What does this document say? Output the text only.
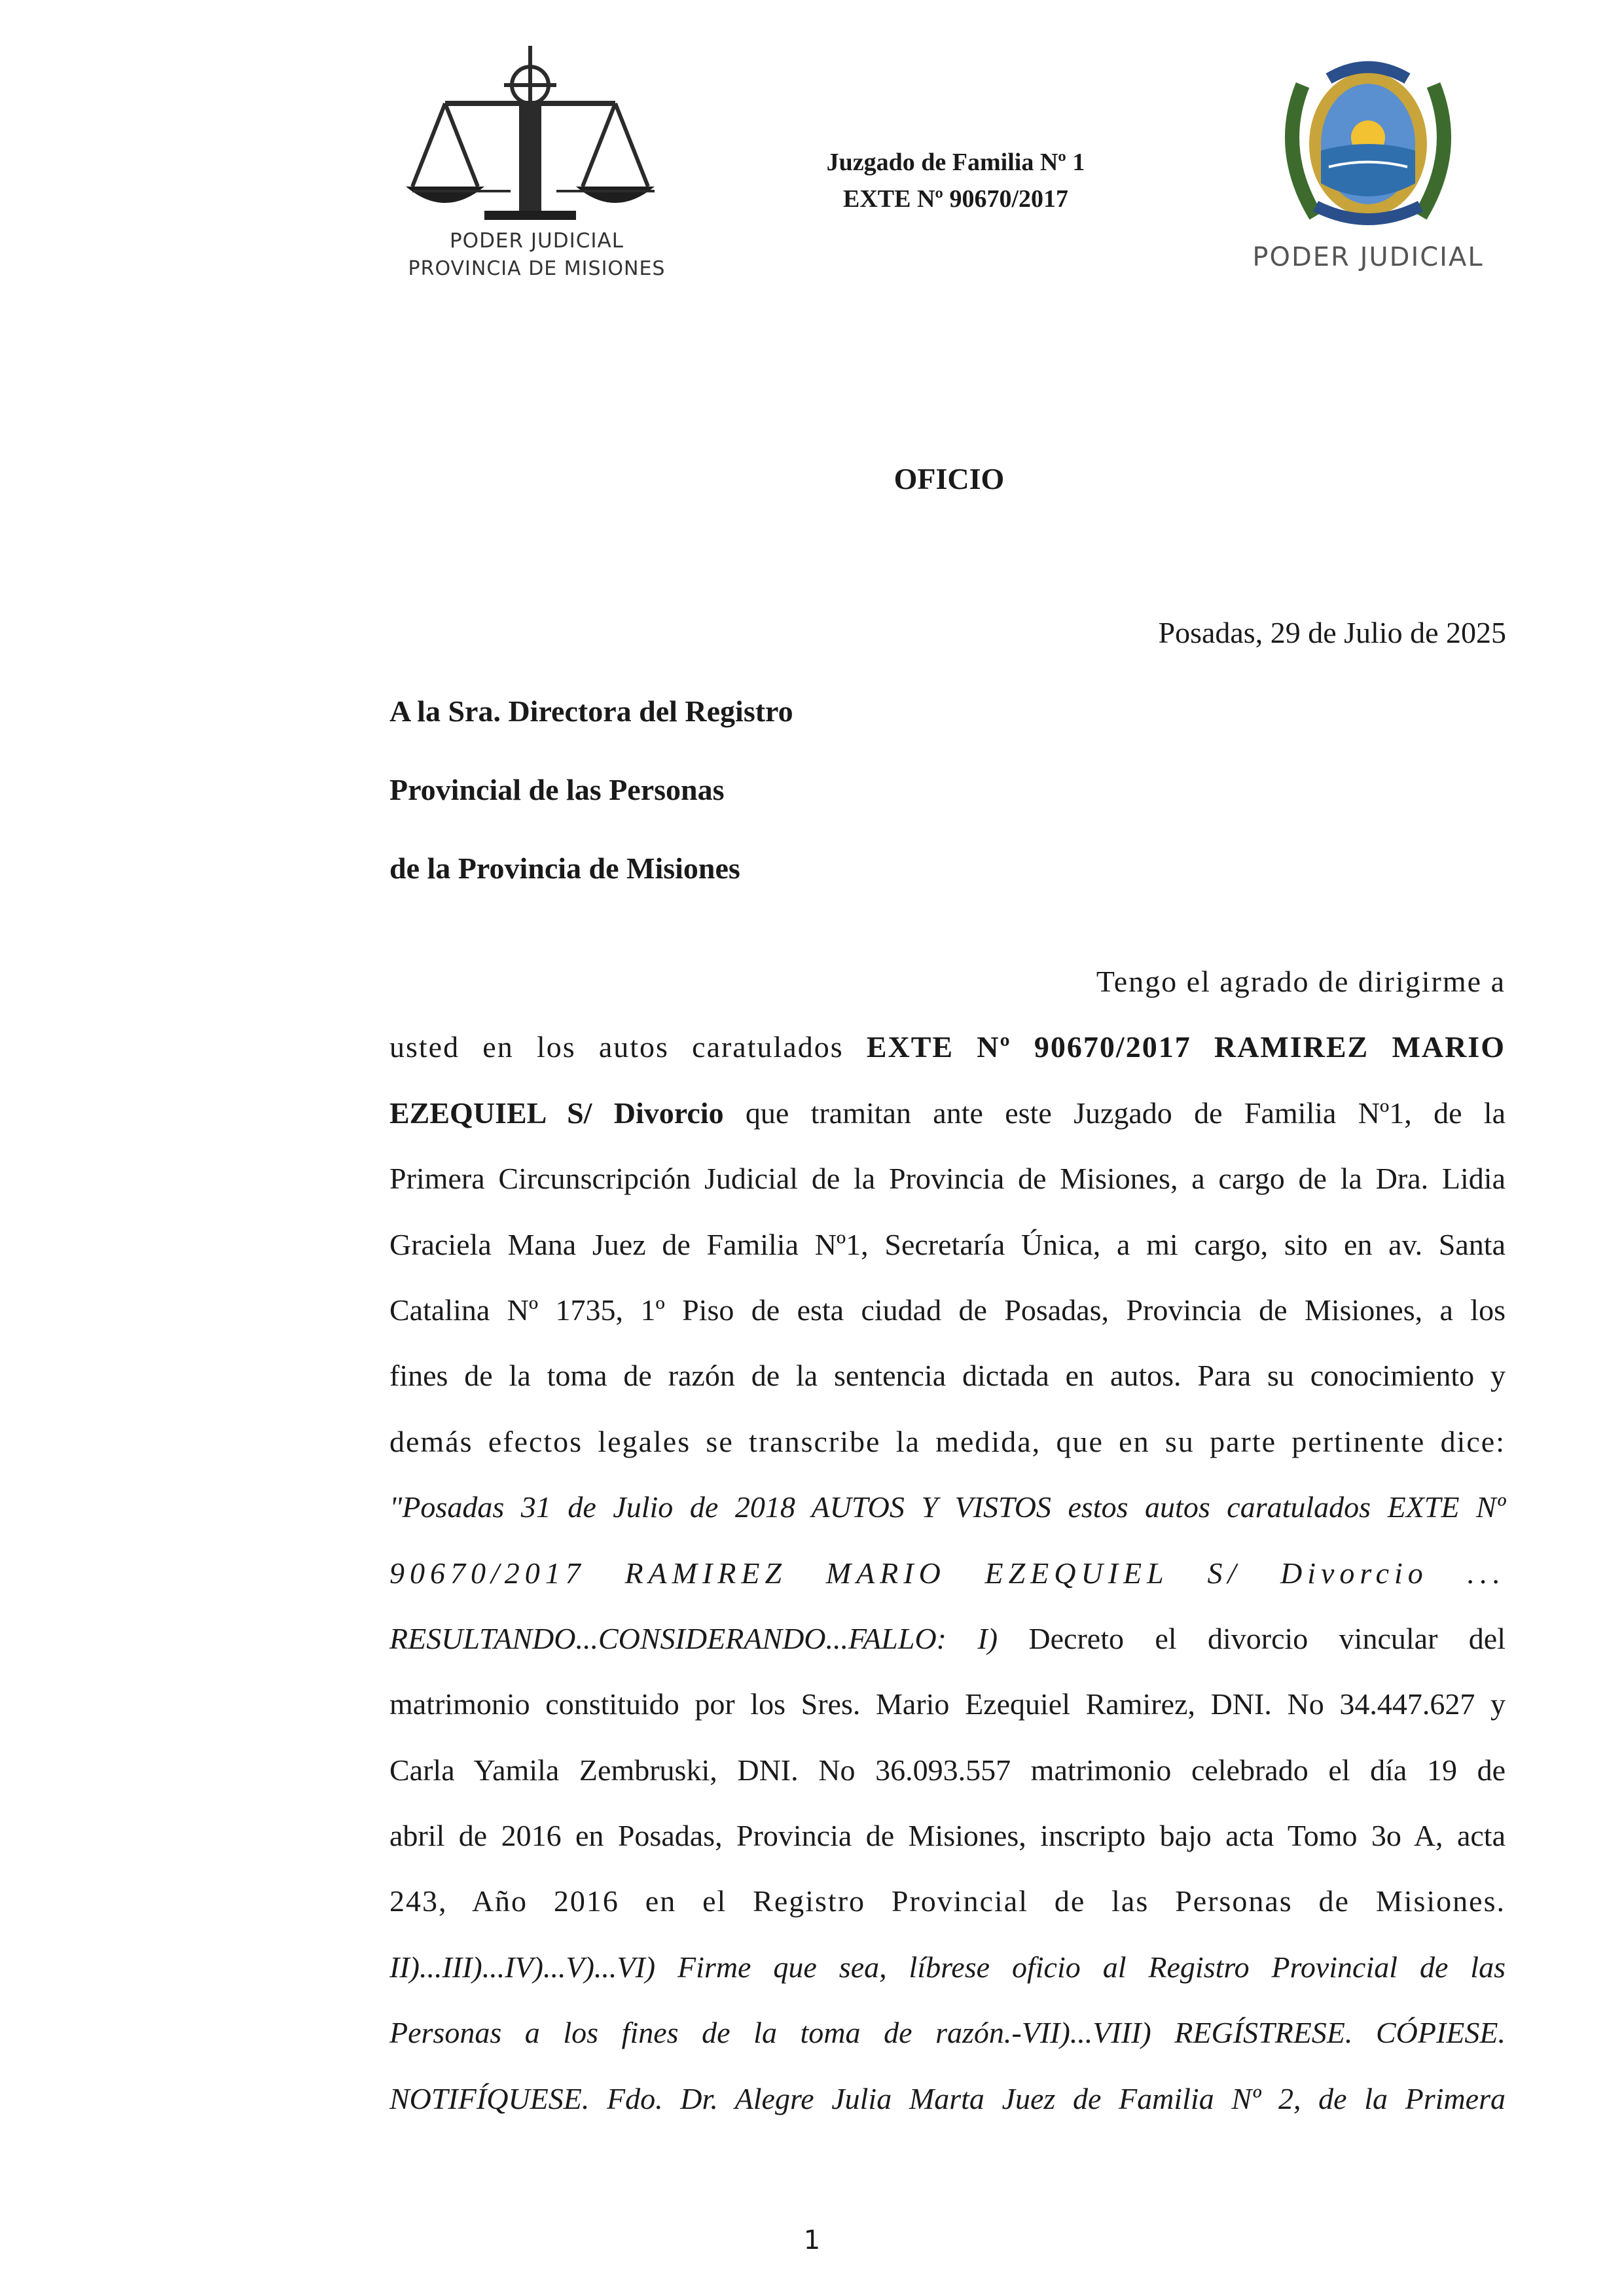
PODER JUDICIAL
PROVINCIA DE MISIONES
Juzgado de Familia Nº 1
EXTE Nº 90670/2017
PODER JUDICIAL
OFICIO
Posadas, 29 de Julio de 2025
A la Sra. Directora del Registro
Provincial de las Personas
de la Provincia de Misiones
Tengo el agrado de dirigirme a
usted en los autos caratulados EXTE Nº 90670/2017 RAMIREZ MARIO
EZEQUIEL S/ Divorcio que tramitan ante este Juzgado de Familia Nº1, de la
Primera Circunscripción Judicial de la Provincia de Misiones, a cargo de la Dra. Lidia
Graciela Mana Juez de Familia Nº1, Secretaría Única, a mi cargo, sito en av. Santa
Catalina Nº 1735, 1º Piso de esta ciudad de Posadas, Provincia de Misiones, a los
fines de la toma de razón de la sentencia dictada en autos. Para su conocimiento y
demás efectos legales se transcribe la medida, que en su parte pertinente dice:
"Posadas 31 de Julio de 2018 AUTOS Y VISTOS estos autos caratulados EXTE Nº
90670/2017 RAMIREZ MARIO EZEQUIEL S/ Divorcio ...
RESULTANDO...CONSIDERANDO...FALLO: I) Decreto el divorcio vincular del
matrimonio constituido por los Sres. Mario Ezequiel Ramirez, DNI. No 34.447.627 y
Carla Yamila Zembruski, DNI. No 36.093.557 matrimonio celebrado el día 19 de
abril de 2016 en Posadas, Provincia de Misiones, inscripto bajo acta Tomo 3o A, acta
243, Año 2016 en el Registro Provincial de las Personas de Misiones.
II)...III)...IV)...V)...VI) Firme que sea, líbrese oficio al Registro Provincial de las
Personas a los fines de la toma de razón.-VII)...VIII) REGÍSTRESE. CÓPIESE.
NOTIFÍQUESE. Fdo. Dr. Alegre Julia Marta Juez de Familia Nº 2, de la Primera
1
